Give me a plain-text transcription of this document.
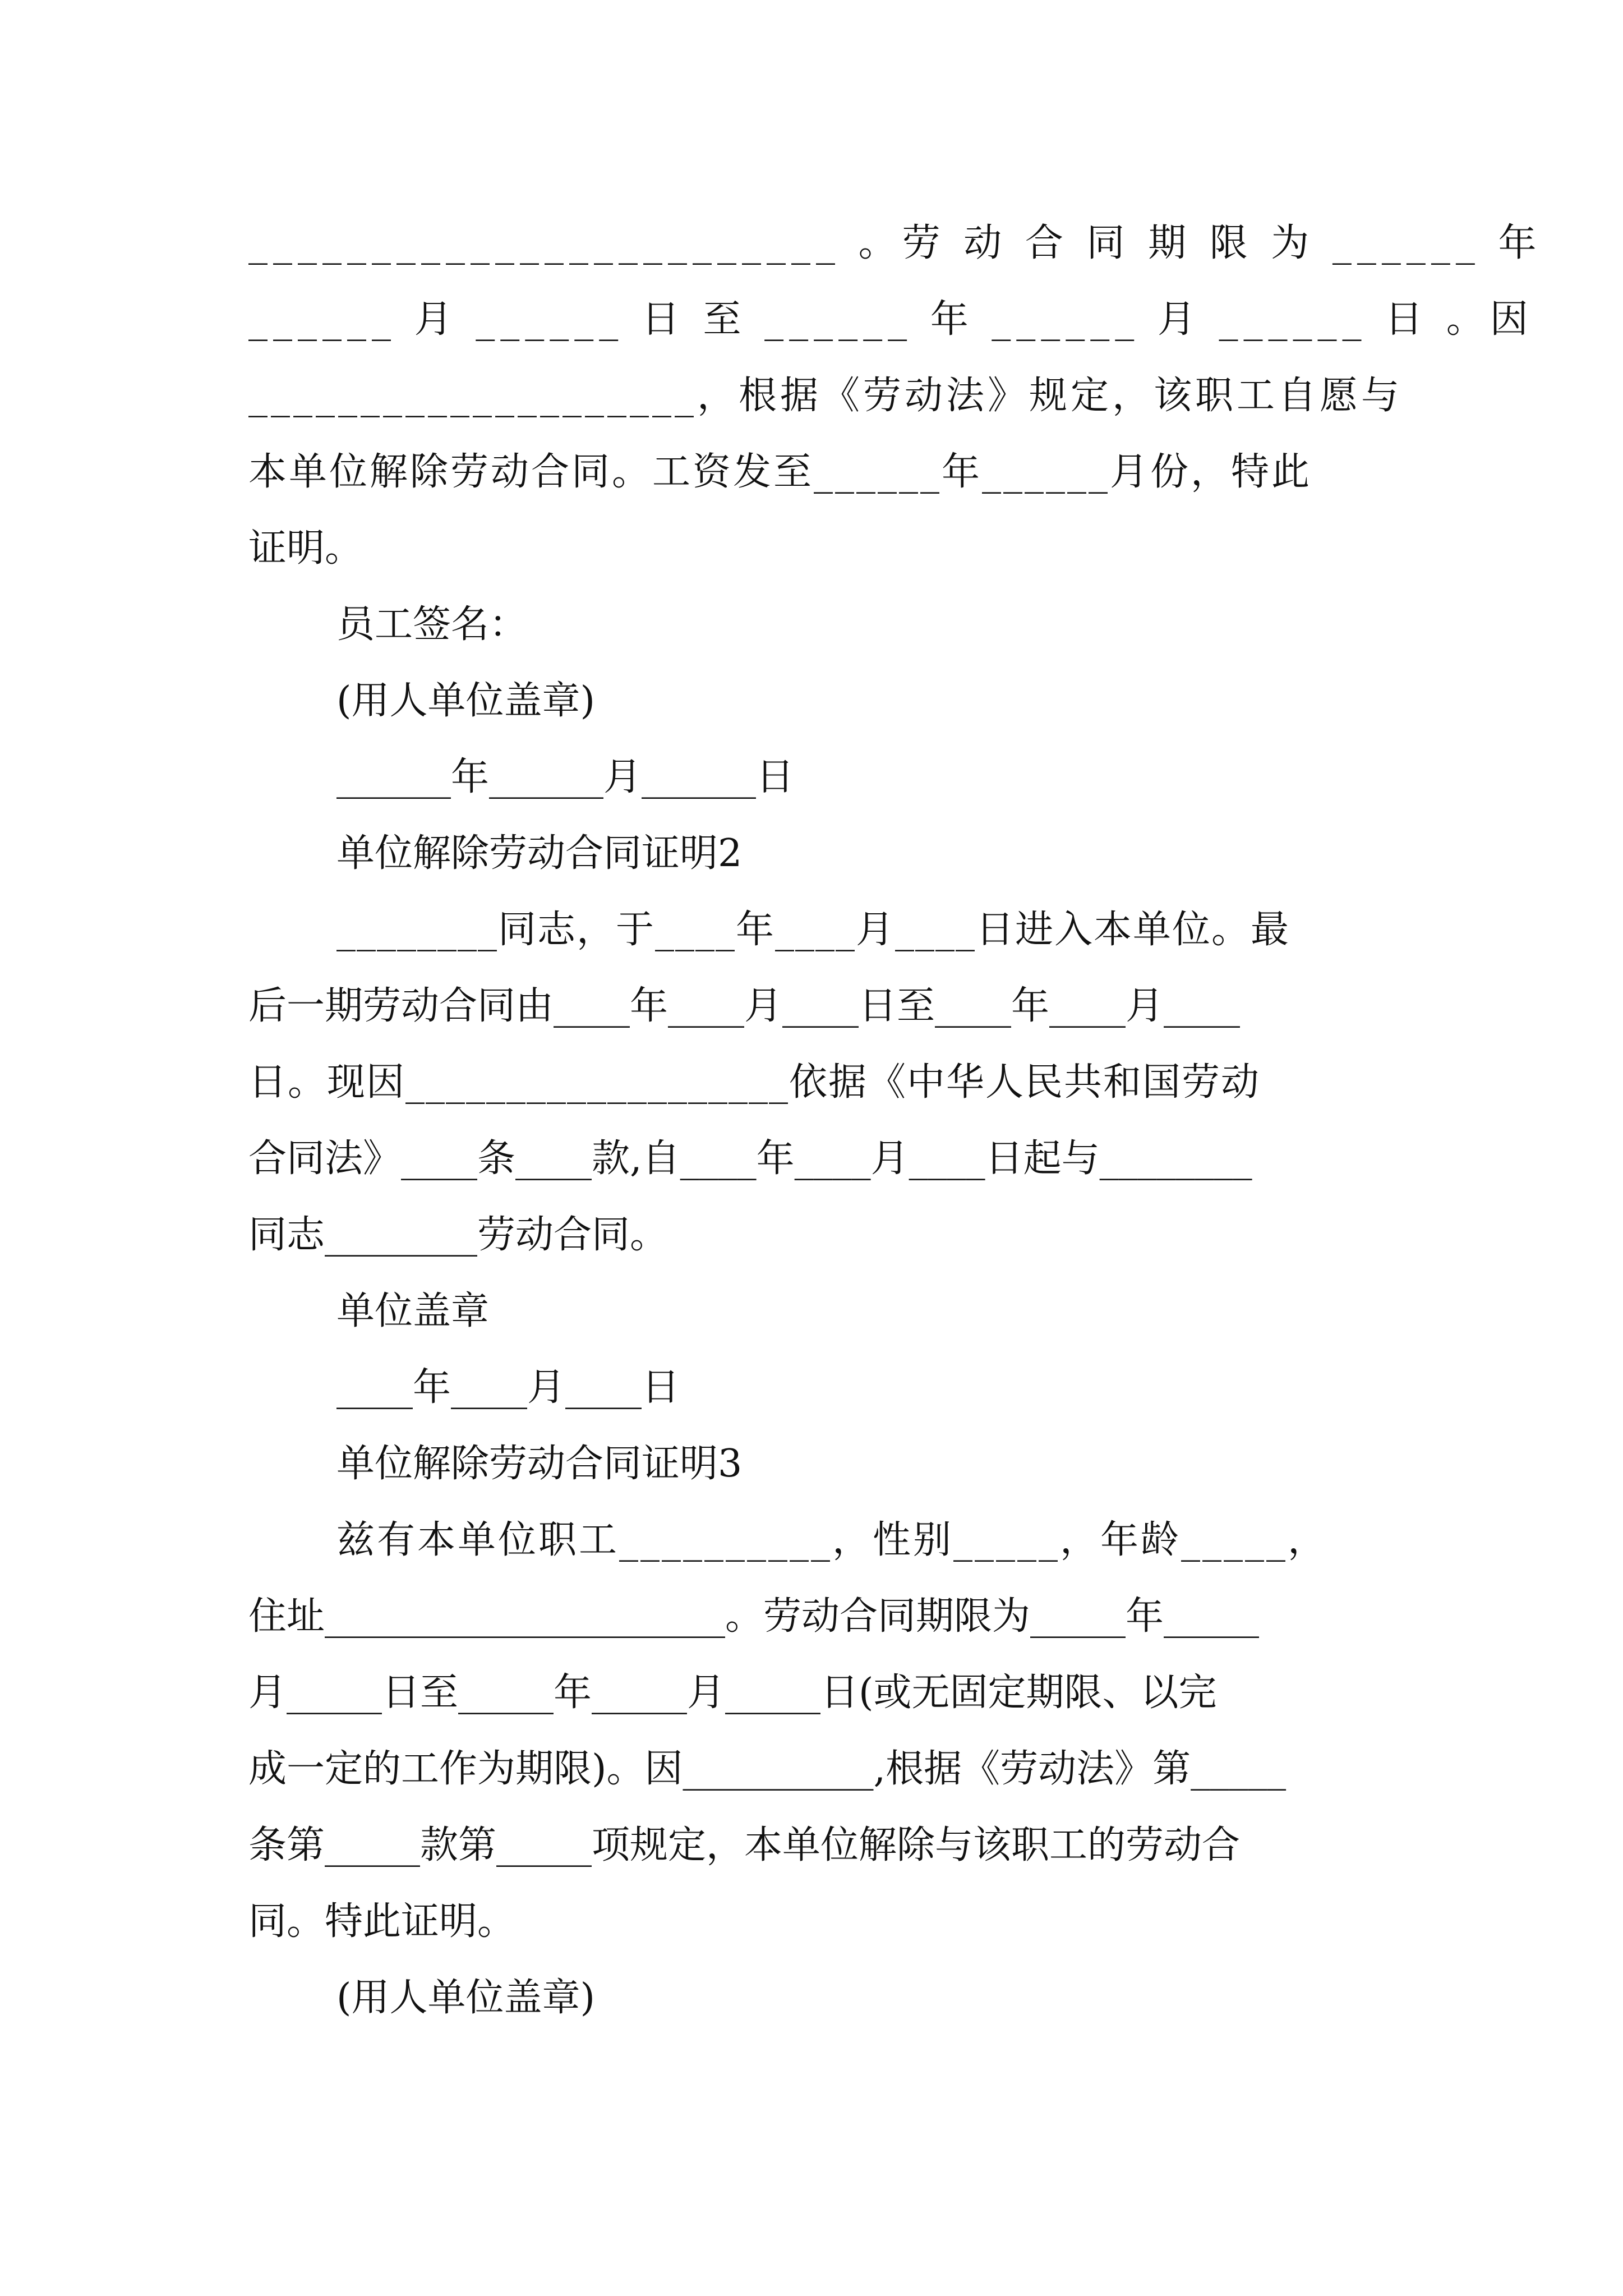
________________________ 。劳 动 合 同 期 限 为 ______ 年
______ 月 ______ 日 至 ______ 年 ______ 月 ______ 日 。因
____________________，根据《劳动法》规定，该职工自愿与
本单位解除劳动合同。工资发至______年______月份，特此
证明。
员工签名：
(用人单位盖章)
______年______月______日
单位解除劳动合同证明2
________同志，于____年____月____日进入本单位。最
后一期劳动合同由____年____月____日至____年____月____
日。现因___________________依据《中华人民共和国劳动
合同法》____条____款,自____年____月____日起与________
同志________劳动合同。
单位盖章
____年____月____日
单位解除劳动合同证明3
兹有本单位职工__________，性别_____，年龄_____，
住址_____________________。劳动合同期限为_____年_____
月_____日至_____年_____月_____日(或无固定期限、以完
成一定的工作为期限)。因__________,根据《劳动法》第_____
条第_____款第_____项规定，本单位解除与该职工的劳动合
同。特此证明。
(用人单位盖章)
